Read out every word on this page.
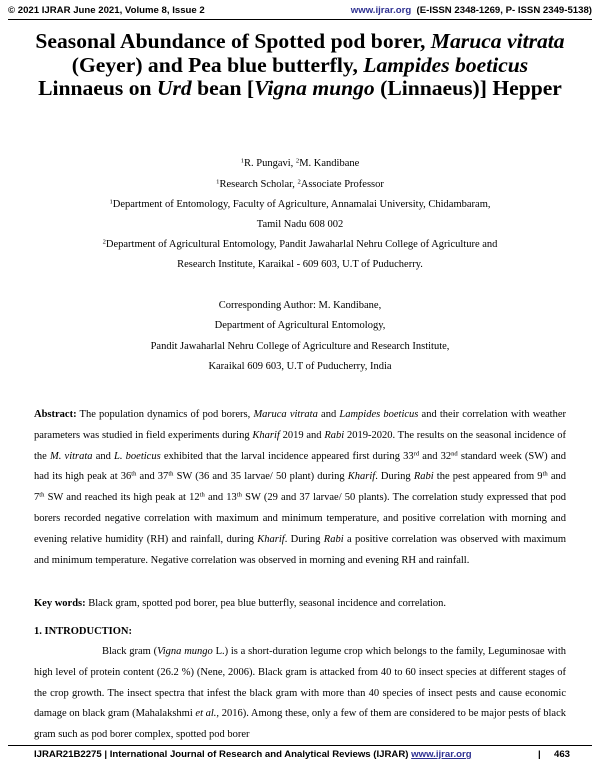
© 2021 IJRAR June 2021, Volume 8, Issue 2	www.ijrar.org (E-ISSN 2348-1269, P- ISSN 2349-5138)
Seasonal Abundance of Spotted pod borer, Maruca vitrata (Geyer) and Pea blue butterfly, Lampides boeticus Linnaeus on Urd bean [Vigna mungo (Linnaeus)] Hepper
$^1$R. Pungavi, $^2$M. Kandibane
$^1$Research Scholar, $^2$Associate Professor
$^1$Department of Entomology, Faculty of Agriculture, Annamalai University, Chidambaram,
Tamil Nadu 608 002
$^2$Department of Agricultural Entomology, Pandit Jawaharlal Nehru College of Agriculture and
Research Institute, Karaikal - 609 603, U.T of Puducherry.
Corresponding Author: M. Kandibane,
Department of Agricultural Entomology,
Pandit Jawaharlal Nehru College of Agriculture and Research Institute,
Karaikal 609 603, U.T of Puducherry, India
Abstract: The population dynamics of pod borers, Maruca vitrata and Lampides boeticus and their correlation with weather parameters was studied in field experiments during Kharif 2019 and Rabi 2019-2020. The results on the seasonal incidence of the M. vitrata and L. boeticus exhibited that the larval incidence appeared first during 33rd and 32nd standard week (SW) and had its high peak at 36th and 37th SW (36 and 35 larvae/ 50 plant) during Kharif. During Rabi the pest appeared from 9th and 7th SW and reached its high peak at 12th and 13th SW (29 and 37 larvae/ 50 plants). The correlation study expressed that pod borers recorded negative correlation with maximum and minimum temperature, and positive correlation with morning and evening relative humidity (RH) and rainfall, during Kharif. During Rabi a positive correlation was observed with maximum and minimum temperature. Negative correlation was observed in morning and evening RH and rainfall.
Key words: Black gram, spotted pod borer, pea blue butterfly, seasonal incidence and correlation.
1. INTRODUCTION:
Black gram (Vigna mungo L.) is a short-duration legume crop which belongs to the family, Leguminosae with high level of protein content (26.2 %) (Nene, 2006). Black gram is attacked from 40 to 60 insect species at different stages of the crop growth. The insect spectra that infest the black gram with more than 40 species of insect pests and cause economic damage on black gram (Mahalakshmi et al., 2016). Among these, only a few of them are considered to be major pests of black gram such as pod borer complex, spotted pod borer
IJRAR21B2275 | International Journal of Research and Analytical Reviews (IJRAR) www.ijrar.org	| 463
